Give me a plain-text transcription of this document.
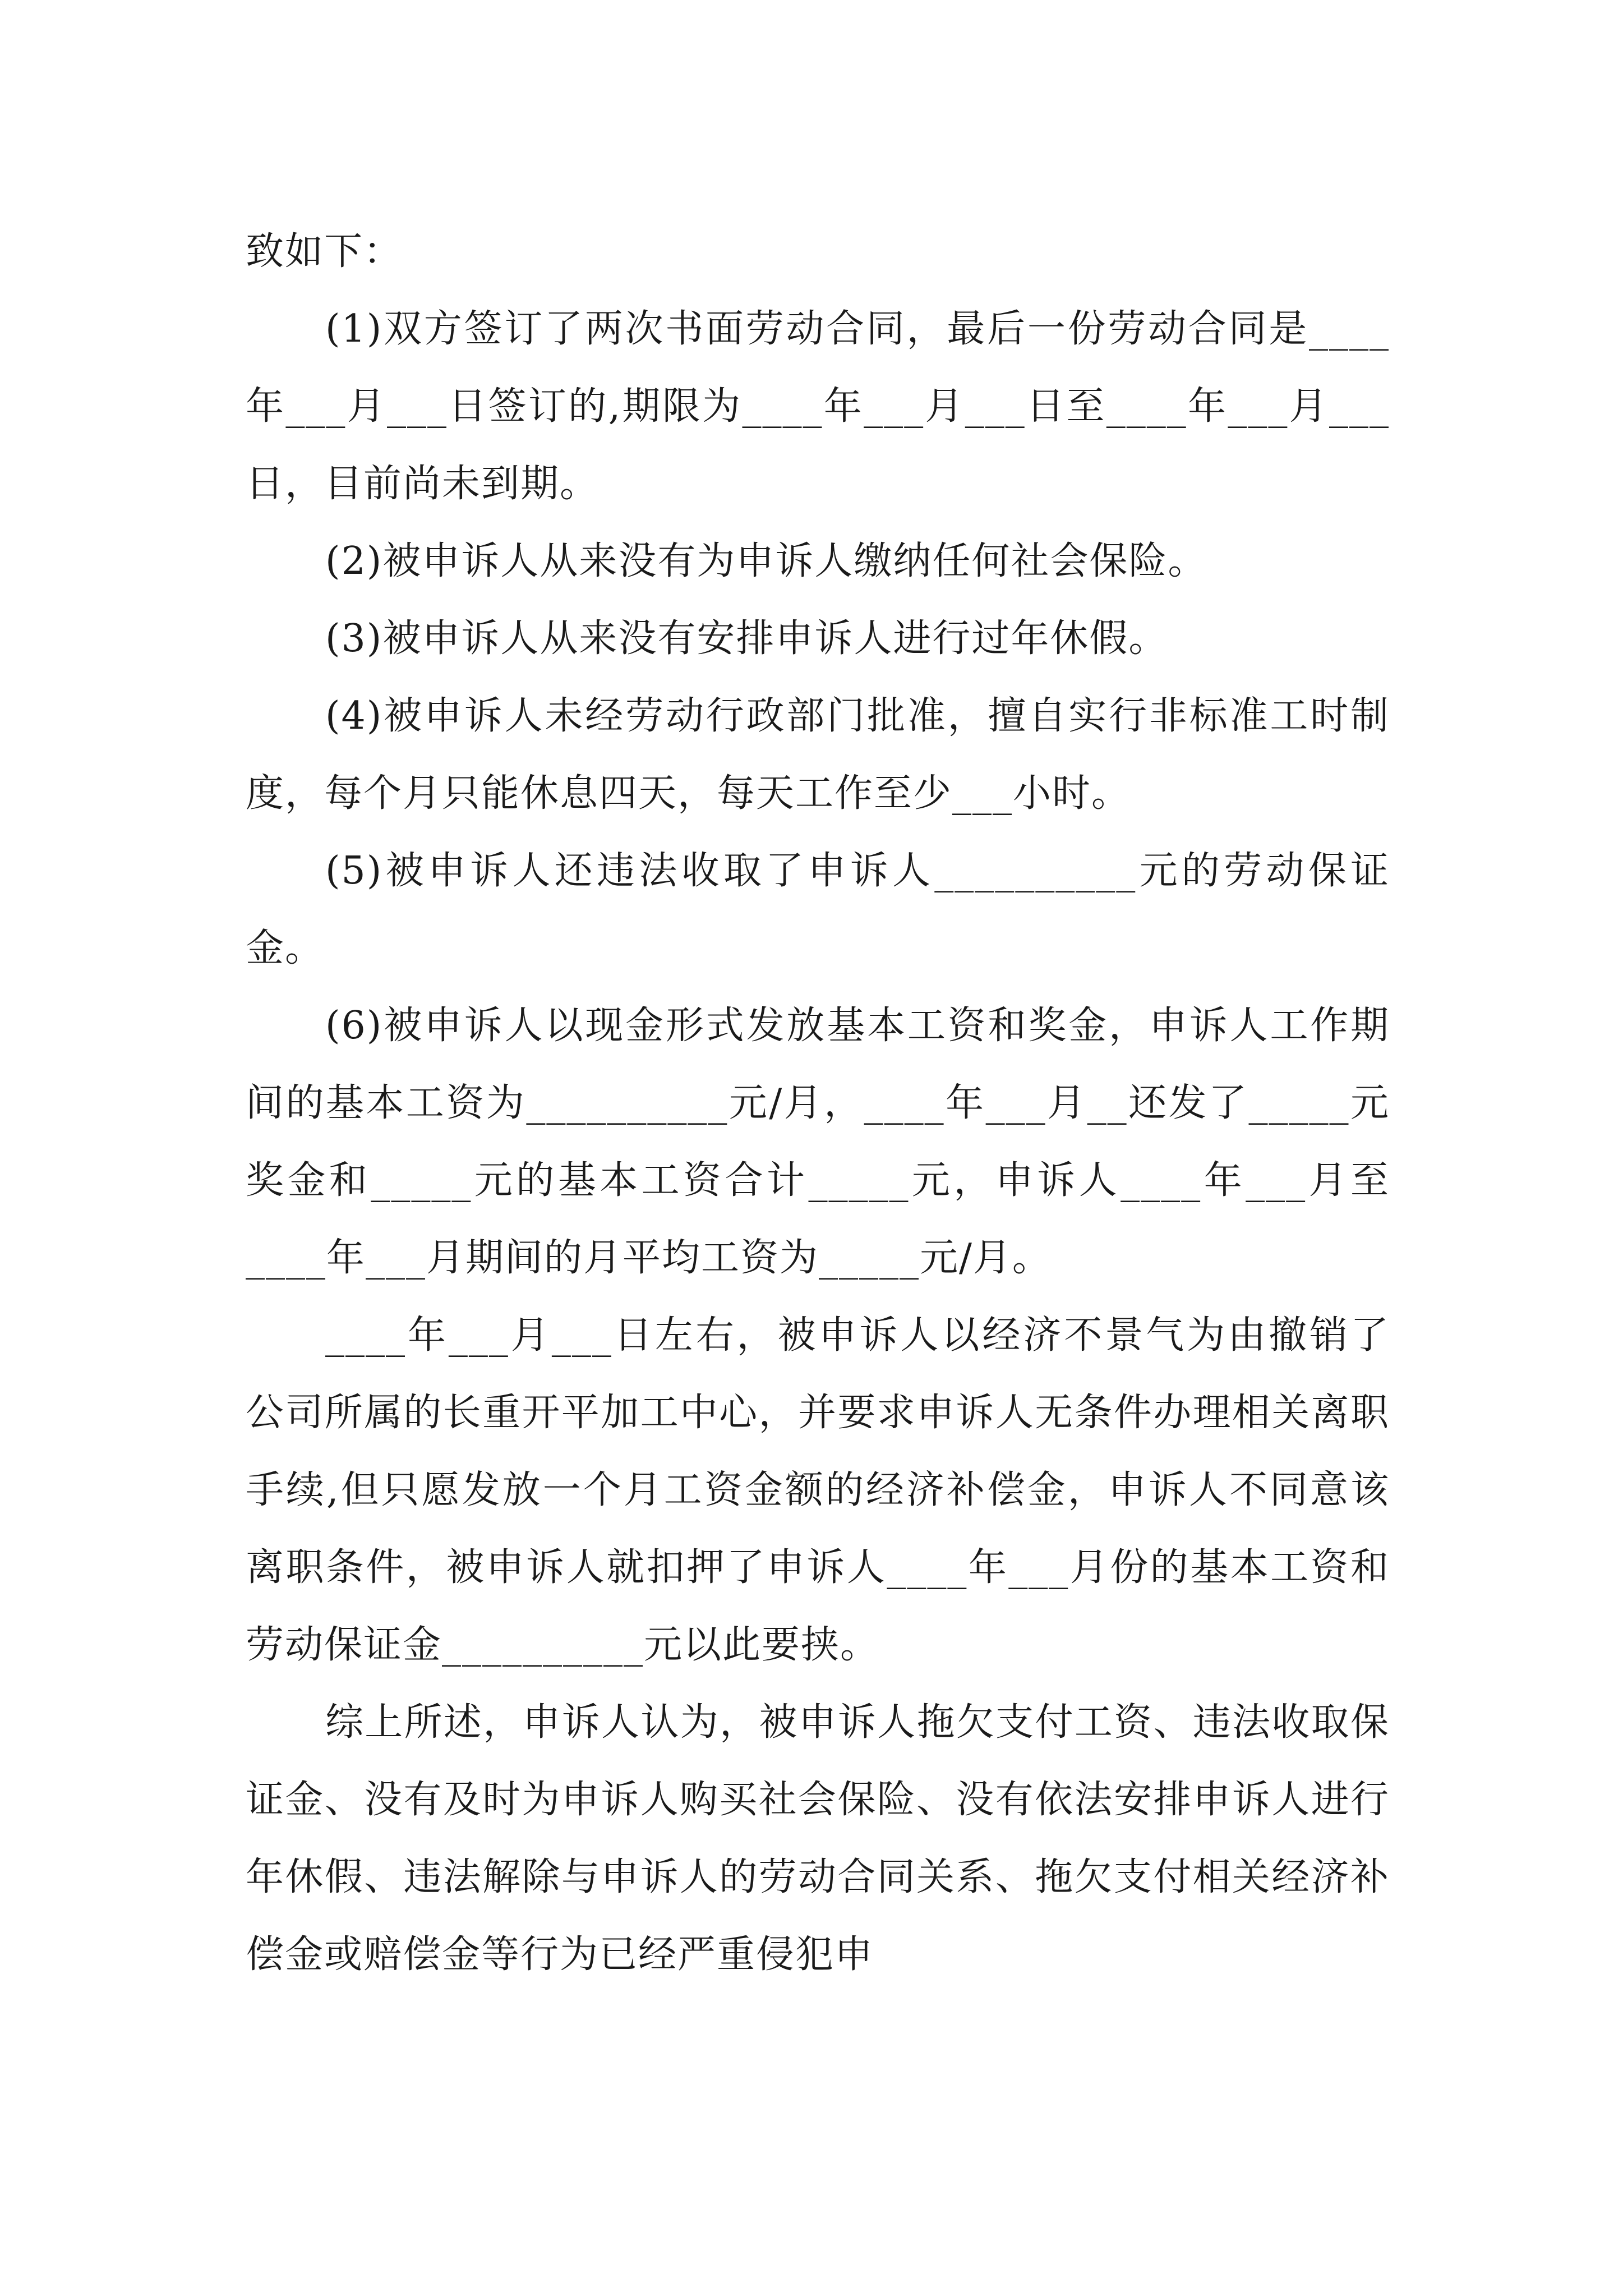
致如下：

(1)双方签订了两次书面劳动合同，最后一份劳动合同是____年___月___日签订的,期限为____年___月___日至____年___月___日，目前尚未到期。

(2)被申诉人从来没有为申诉人缴纳任何社会保险。

(3)被申诉人从来没有安排申诉人进行过年休假。

(4)被申诉人未经劳动行政部门批准，擅自实行非标准工时制度，每个月只能休息四天，每天工作至少___小时。

(5)被申诉人还违法收取了申诉人__________元的劳动保证金。

(6)被申诉人以现金形式发放基本工资和奖金，申诉人工作期间的基本工资为__________元/月，____年___月__还发了_____元奖金和_____元的基本工资合计_____元，申诉人____年___月至____年___月期间的月平均工资为_____元/月。

____年___月___日左右，被申诉人以经济不景气为由撤销了公司所属的长重开平加工中心，并要求申诉人无条件办理相关离职手续,但只愿发放一个月工资金额的经济补偿金，申诉人不同意该离职条件，被申诉人就扣押了申诉人____年___月份的基本工资和劳动保证金__________元以此要挟。

综上所述，申诉人认为，被申诉人拖欠支付工资、违法收取保证金、没有及时为申诉人购买社会保险、没有依法安排申诉人进行年休假、违法解除与申诉人的劳动合同关系、拖欠支付相关经济补偿金或赔偿金等行为已经严重侵犯申
